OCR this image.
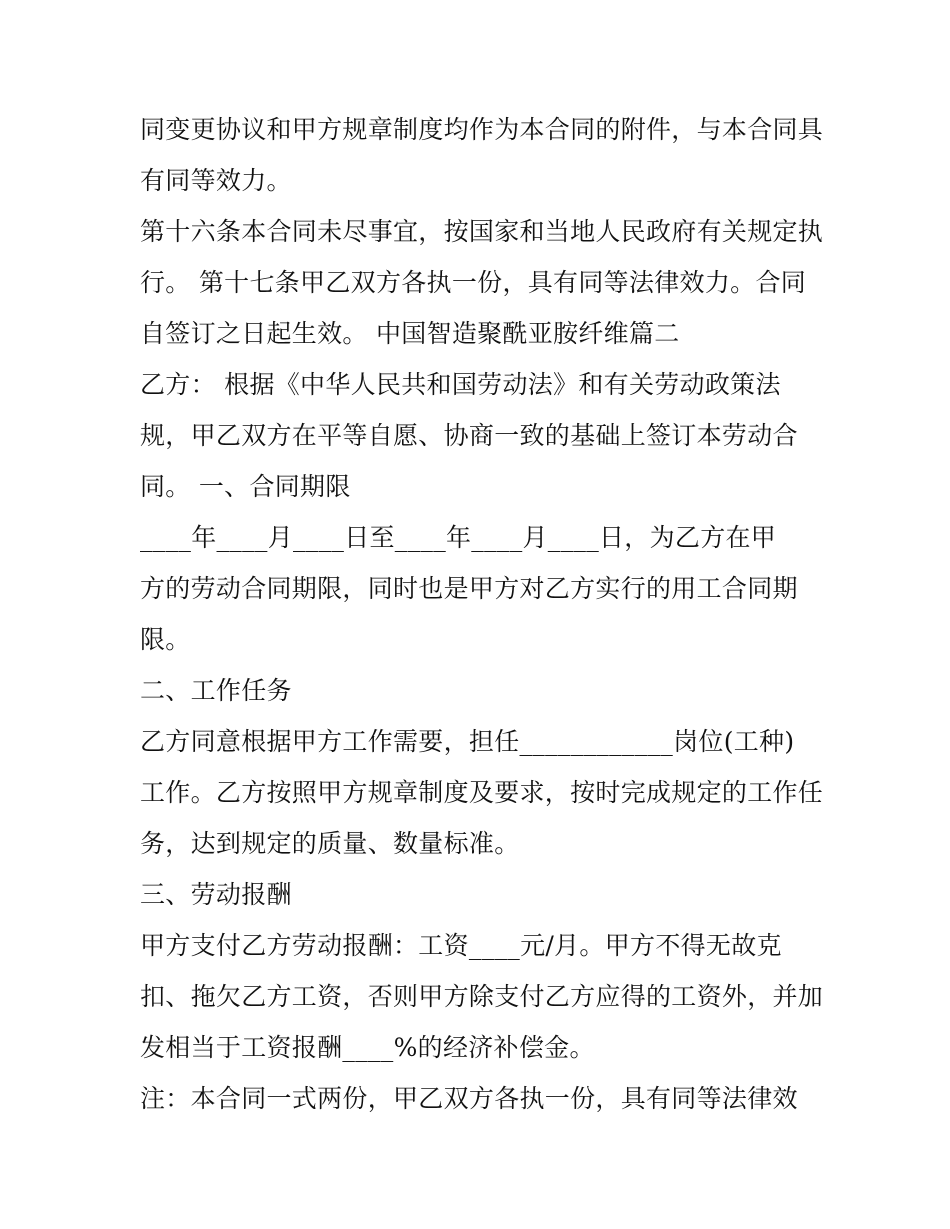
同变更协议和甲方规章制度均作为本合同的附件，与本合同具
有同等效力。
第十六条本合同未尽事宜，按国家和当地人民政府有关规定执
行。 第十七条甲乙双方各执一份，具有同等法律效力。合同
自签订之日起生效。 中国智造聚酰亚胺纤维篇二
乙方： 根据《中华人民共和国劳动法》和有关劳动政策法
规，甲乙双方在平等自愿、协商一致的基础上签订本劳动合
同。 一、合同期限
____年____月____日至____年____月____日，为乙方在甲
方的劳动合同期限，同时也是甲方对乙方实行的用工合同期
限。
二、工作任务
乙方同意根据甲方工作需要，担任____________岗位(工种)
工作。乙方按照甲方规章制度及要求，按时完成规定的工作任
务，达到规定的质量、数量标准。
三、劳动报酬
甲方支付乙方劳动报酬：工资____元/月。甲方不得无故克
扣、拖欠乙方工资，否则甲方除支付乙方应得的工资外，并加
发相当于工资报酬____%的经济补偿金。
注：本合同一式两份，甲乙双方各执一份，具有同等法律效
